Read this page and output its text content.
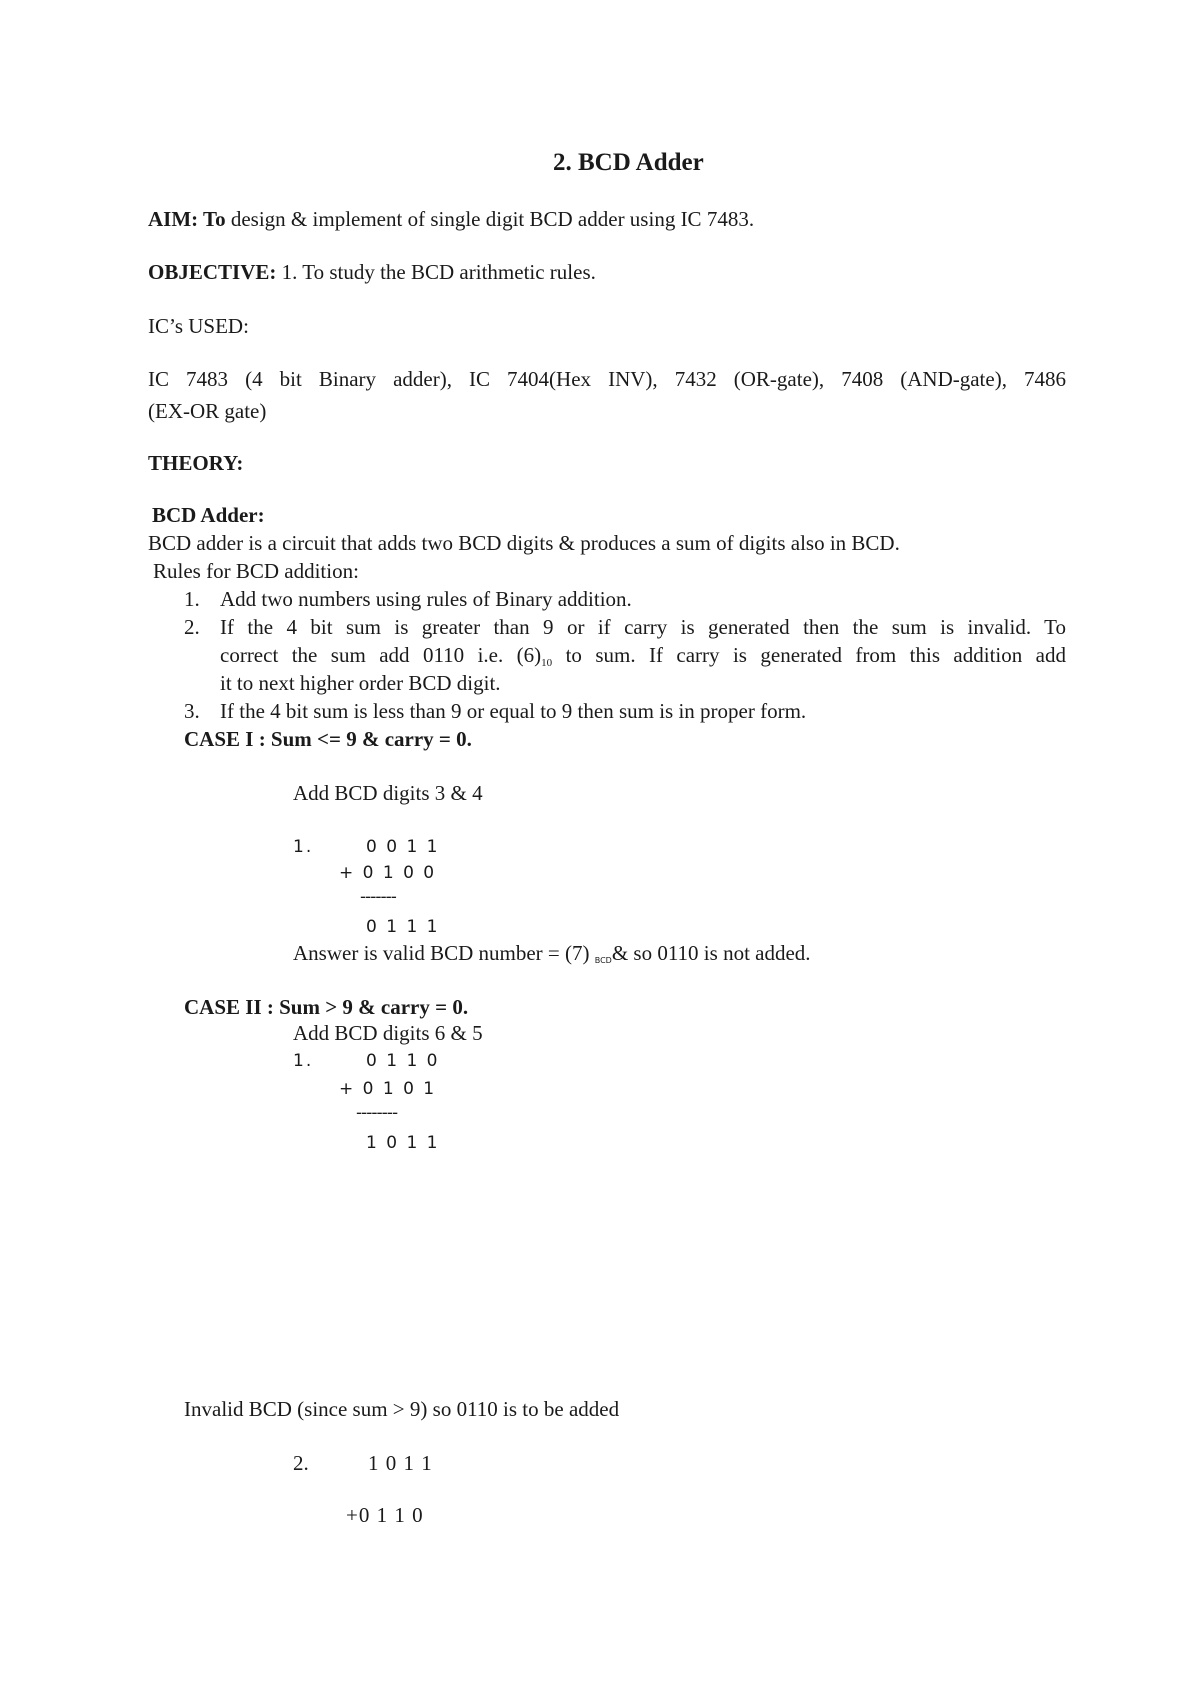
2. BCD Adder
AIM: To design & implement of single digit BCD adder using IC 7483.
OBJECTIVE: 1. To study the BCD arithmetic rules.
IC’s USED:
IC 7483 (4 bit Binary adder), IC 7404(Hex INV), 7432 (OR-gate), 7408 (AND-gate), 7486
(EX-OR gate)
THEORY:
BCD Adder:
BCD adder is a circuit that adds two BCD digits & produces a sum of digits also in BCD.
Rules for BCD addition:
1. Add two numbers using rules of Binary addition.
2. If the 4 bit sum is greater than 9 or if carry is generated then the sum is invalid. To
correct the sum add 0110 i.e. $(6)_{10}$ to sum. If carry is generated from this addition add
it to next higher order BCD digit.
3. If the 4 bit sum is less than 9 or equal to 9 then sum is in proper form.
CASE I : Sum <= 9 & carry = 0.
Add BCD digits 3 & 4
1.	0 0 1 1
+ 0 1 0 0
-------
0 1 1 1
Answer is valid BCD number = (7) BCD& so 0110 is not added.
CASE II : Sum > 9 & carry = 0.
Add BCD digits 6 & 5
1.	0 1 1 0
+ 0 1 0 1
--------
1 0 1 1
Invalid BCD (since sum > 9) so 0110 is to be added
2.	1 0 1 1
+0 1 1 0
